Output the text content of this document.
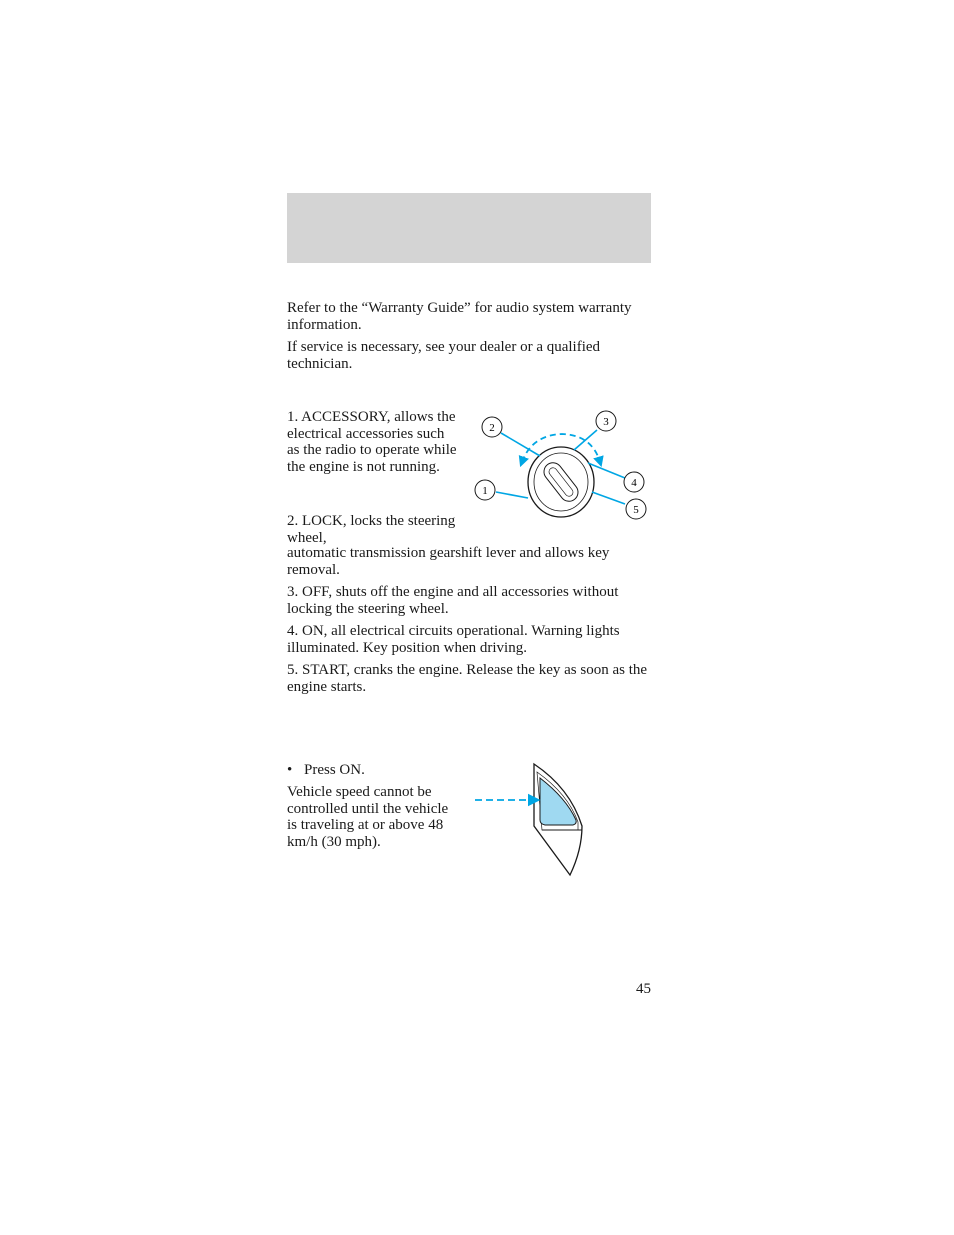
Refer to the “Warranty Guide” for audio system warranty information.

If service is necessary, see your dealer or a qualified technician.

1. ACCESSORY, allows the electrical accessories such as the radio to operate while the engine is not running.

2. LOCK, locks the steering wheel,

automatic transmission gearshift lever and allows key removal.

3. OFF, shuts off the engine and all accessories without locking the steering wheel.

4. ON, all electrical circuits operational. Warning lights illuminated. Key position when driving.

5. START, cranks the engine. Release the key as soon as the engine starts.

2	3
4
5
1

• Press ON.

Vehicle speed cannot be controlled until the vehicle is traveling at or above 48 km/h (30 mph).

45
